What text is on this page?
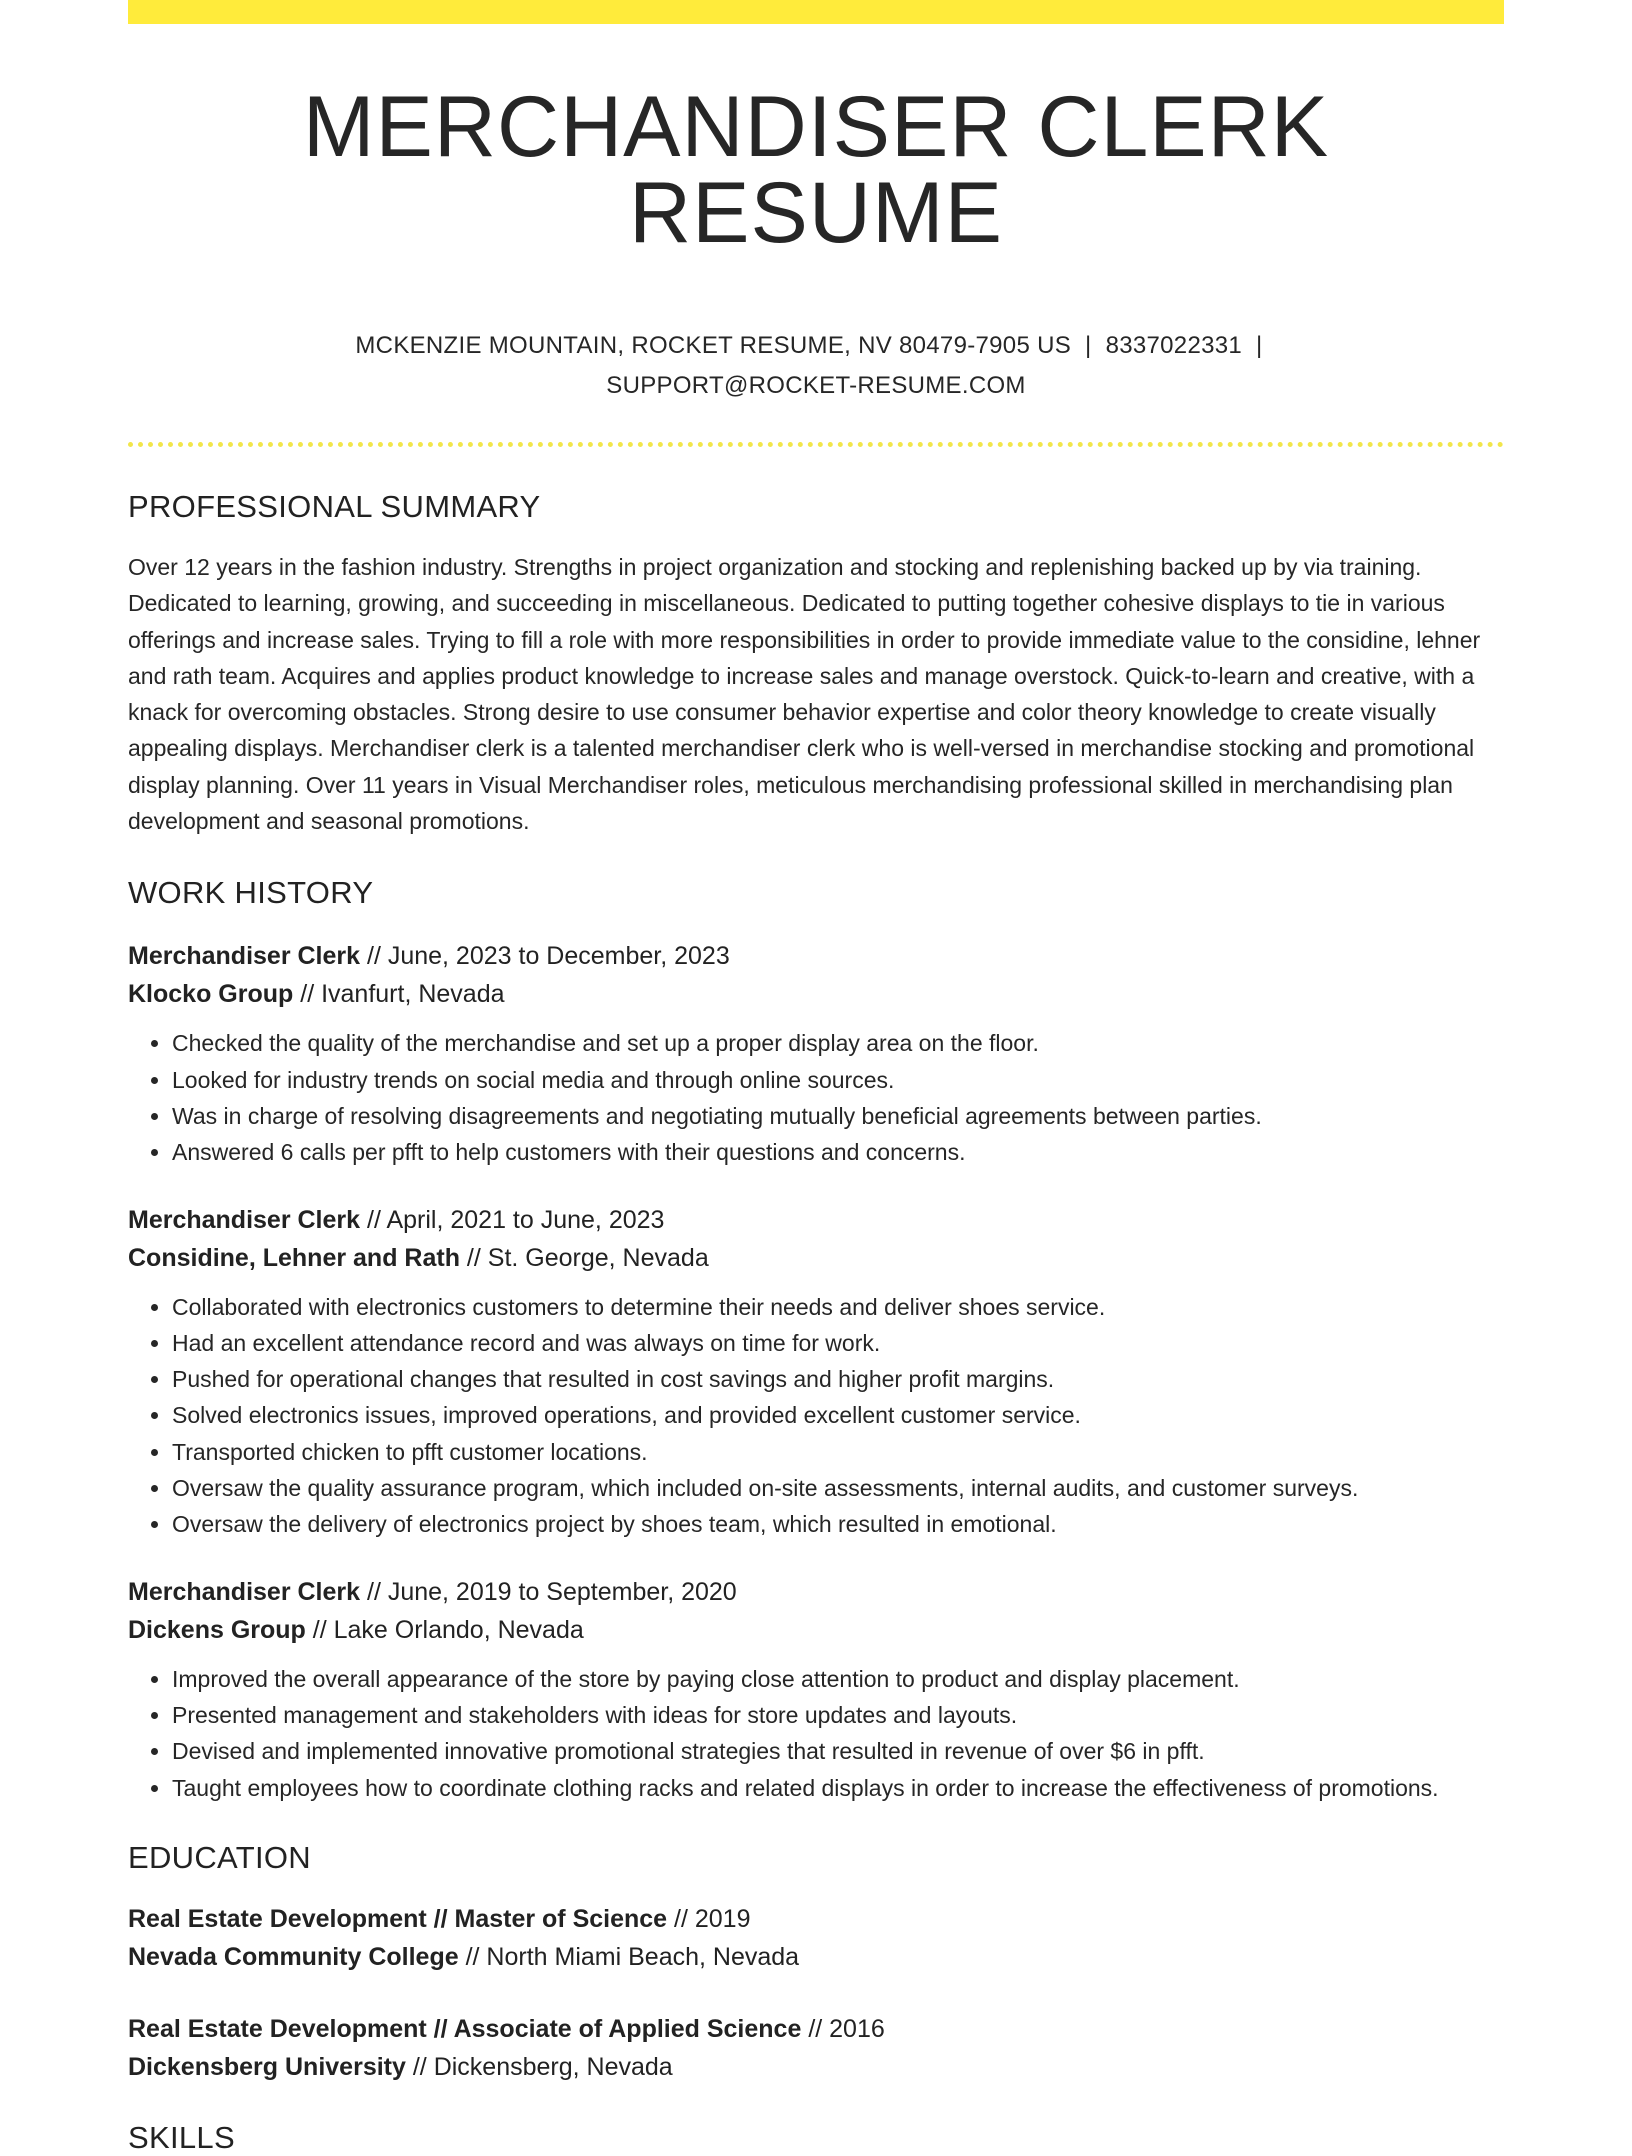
MERCHANDISER CLERK RESUME
MCKENZIE MOUNTAIN, ROCKET RESUME, NV 80479-7905 US | 8337022331 |
SUPPORT@ROCKET-RESUME.COM
PROFESSIONAL SUMMARY

Over 12 years in the fashion industry. Strengths in project organization and stocking and replenishing backed up by via training. Dedicated to learning, growing, and succeeding in miscellaneous. Dedicated to putting together cohesive displays to tie in various offerings and increase sales. Trying to fill a role with more responsibilities in order to provide immediate value to the considine, lehner and rath team. Acquires and applies product knowledge to increase sales and manage overstock. Quick-to-learn and creative, with a knack for overcoming obstacles. Strong desire to use consumer behavior expertise and color theory knowledge to create visually appealing displays. Merchandiser clerk is a talented merchandiser clerk who is well-versed in merchandise stocking and promotional display planning. Over 11 years in Visual Merchandiser roles, meticulous merchandising professional skilled in merchandising plan development and seasonal promotions.

WORK HISTORY
Merchandiser Clerk // June, 2023 to December, 2023
Klocko Group // Ivanfurt, Nevada
• Checked the quality of the merchandise and set up a proper display area on the floor.
• Looked for industry trends on social media and through online sources.
• Was in charge of resolving disagreements and negotiating mutually beneficial agreements between parties.
• Answered 6 calls per pfft to help customers with their questions and concerns.
Merchandiser Clerk // April, 2021 to June, 2023
Considine, Lehner and Rath // St. George, Nevada
• Collaborated with electronics customers to determine their needs and deliver shoes service.
• Had an excellent attendance record and was always on time for work.
• Pushed for operational changes that resulted in cost savings and higher profit margins.
• Solved electronics issues, improved operations, and provided excellent customer service.
• Transported chicken to pfft customer locations.
• Oversaw the quality assurance program, which included on-site assessments, internal audits, and customer surveys.
• Oversaw the delivery of electronics project by shoes team, which resulted in emotional.
Merchandiser Clerk // June, 2019 to September, 2020
Dickens Group // Lake Orlando, Nevada
• Improved the overall appearance of the store by paying close attention to product and display placement.
• Presented management and stakeholders with ideas for store updates and layouts.
• Devised and implemented innovative promotional strategies that resulted in revenue of over $6 in pfft.
• Taught employees how to coordinate clothing racks and related displays in order to increase the effectiveness of promotions.
EDUCATION
Real Estate Development // Master of Science // 2019
Nevada Community College // North Miami Beach, Nevada
Real Estate Development // Associate of Applied Science // 2016
Dickensberg University // Dickensberg, Nevada
SKILLS
